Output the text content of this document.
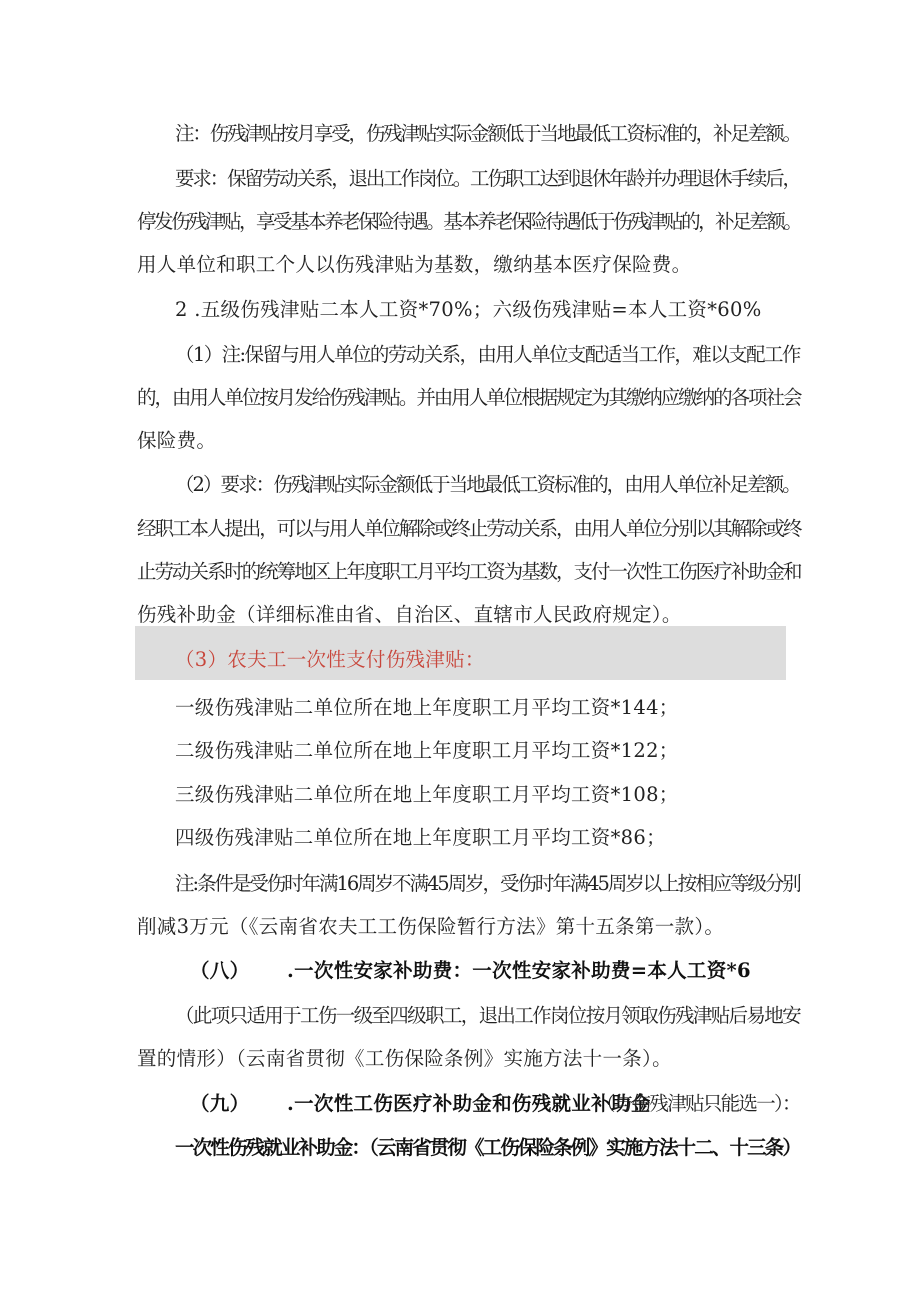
注：伤残津贴按月享受，伤残津贴实际金额低于当地最低工资标准的，补足差额。
要求：保留劳动关系，退出工作岗位。工伤职工达到退休年龄并办理退休手续后，
停发伤残津贴，享受基本养老保险待遇。基本养老保险待遇低于伤残津贴的，补足差额。
用人单位和职工个人以伤残津贴为基数，缴纳基本医疗保险费。
2 .五级伤残津贴二本人工资*70%；六级伤残津贴=本人工资*60%
（1）注:保留与用人单位的劳动关系，由用人单位支配适当工作，难以支配工作
的，由用人单位按月发给伤残津贴。并由用人单位根据规定为其缴纳应缴纳的各项社会
保险费。
（2）要求：伤残津贴实际金额低于当地最低工资标准的，由用人单位补足差额。
经职工本人提出，可以与用人单位解除或终止劳动关系，由用人单位分别以其解除或终
止劳动关系时的统筹地区上年度职工月平均工资为基数，支付一次性工伤医疗补助金和
伤残补助金（详细标准由省、自治区、直辖市人民政府规定）。
（3）农夫工一次性支付伤残津贴：
一级伤残津贴二单位所在地上年度职工月平均工资*144；
二级伤残津贴二单位所在地上年度职工月平均工资*122；
三级伤残津贴二单位所在地上年度职工月平均工资*108；
四级伤残津贴二单位所在地上年度职工月平均工资*86；
注:条件是受伤时年满16周岁不满45周岁，受伤时年满45周岁以上按相应等级分别
削减3万元（《云南省农夫工工伤保险暂行方法》第十五条第一款）。
（八） .一次性安家补助费：一次性安家补助费=本人工资*6
（此项只适用于工伤一级至四级职工，退出工作岗位按月领取伤残津贴后易地安
置的情形）（云南省贯彻《工伤保险条例》实施方法十一条）。
（九） .一次性工伤医疗补助金和伤残就业补助金
（与伤残津贴只能选一）：
一次性伤残就业补助金：（云南省贯彻《工伤保险条例》实施方法十二、十三条）
